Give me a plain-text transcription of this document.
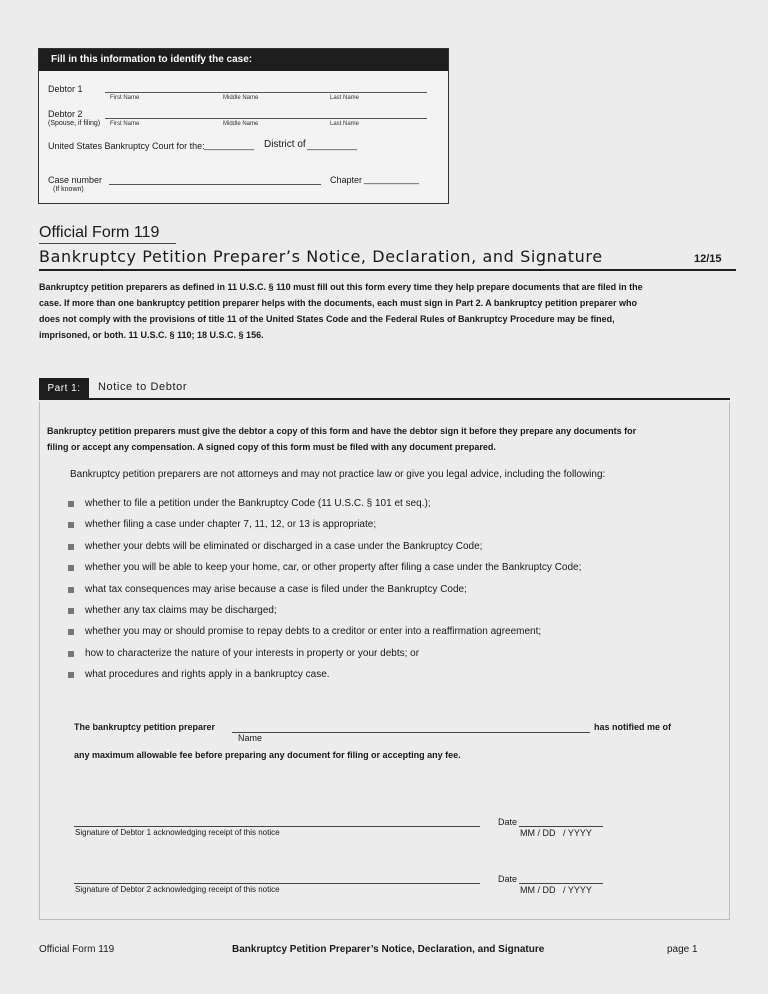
Fill in this information to identify the case:
Debtor 1
First Name	Middle Name	Last Name
Debtor 2
(Spouse, if filing) First Name	Middle Name	Last Name
United States Bankruptcy Court for the: __________ District of __________
Case number
(If known)
Chapter ___________
Official Form 119
Bankruptcy Petition Preparer’s Notice, Declaration, and Signature	12/15
Bankruptcy petition preparers as defined in 11 U.S.C. § 110 must fill out this form every time they help prepare documents that are filed in the
case. If more than one bankruptcy petition preparer helps with the documents, each must sign in Part 2. A bankruptcy petition preparer who
does not comply with the provisions of title 11 of the United States Code and the Federal Rules of Bankruptcy Procedure may be fined,
imprisoned, or both. 11 U.S.C. § 110; 18 U.S.C. § 156.
Part 1:	Notice to Debtor
Bankruptcy petition preparers must give the debtor a copy of this form and have the debtor sign it before they prepare any documents for
filing or accept any compensation. A signed copy of this form must be filed with any document prepared.
Bankruptcy petition preparers are not attorneys and may not practice law or give you legal advice, including the following:
whether to file a petition under the Bankruptcy Code (11 U.S.C. § 101 et seq.);
whether filing a case under chapter 7, 11, 12, or 13 is appropriate;
whether your debts will be eliminated or discharged in a case under the Bankruptcy Code;
whether you will be able to keep your home, car, or other property after filing a case under the Bankruptcy Code;
what tax consequences may arise because a case is filed under the Bankruptcy Code;
whether any tax claims may be discharged;
whether you may or should promise to repay debts to a creditor or enter into a reaffirmation agreement;
how to characterize the nature of your interests in property or your debts; or
what procedures and rights apply in a bankruptcy case.
The bankruptcy petition preparer	has notified me of
Name
any maximum allowable fee before preparing any document for filing or accepting any fee.
Signature of Debtor 1 acknowledging receipt of this notice
Date
MM / DD   / YYYY
Signature of Debtor 2 acknowledging receipt of this notice
Date
MM / DD   / YYYY
Official Form 119	Bankruptcy Petition Preparer’s Notice, Declaration, and Signature	page 1
